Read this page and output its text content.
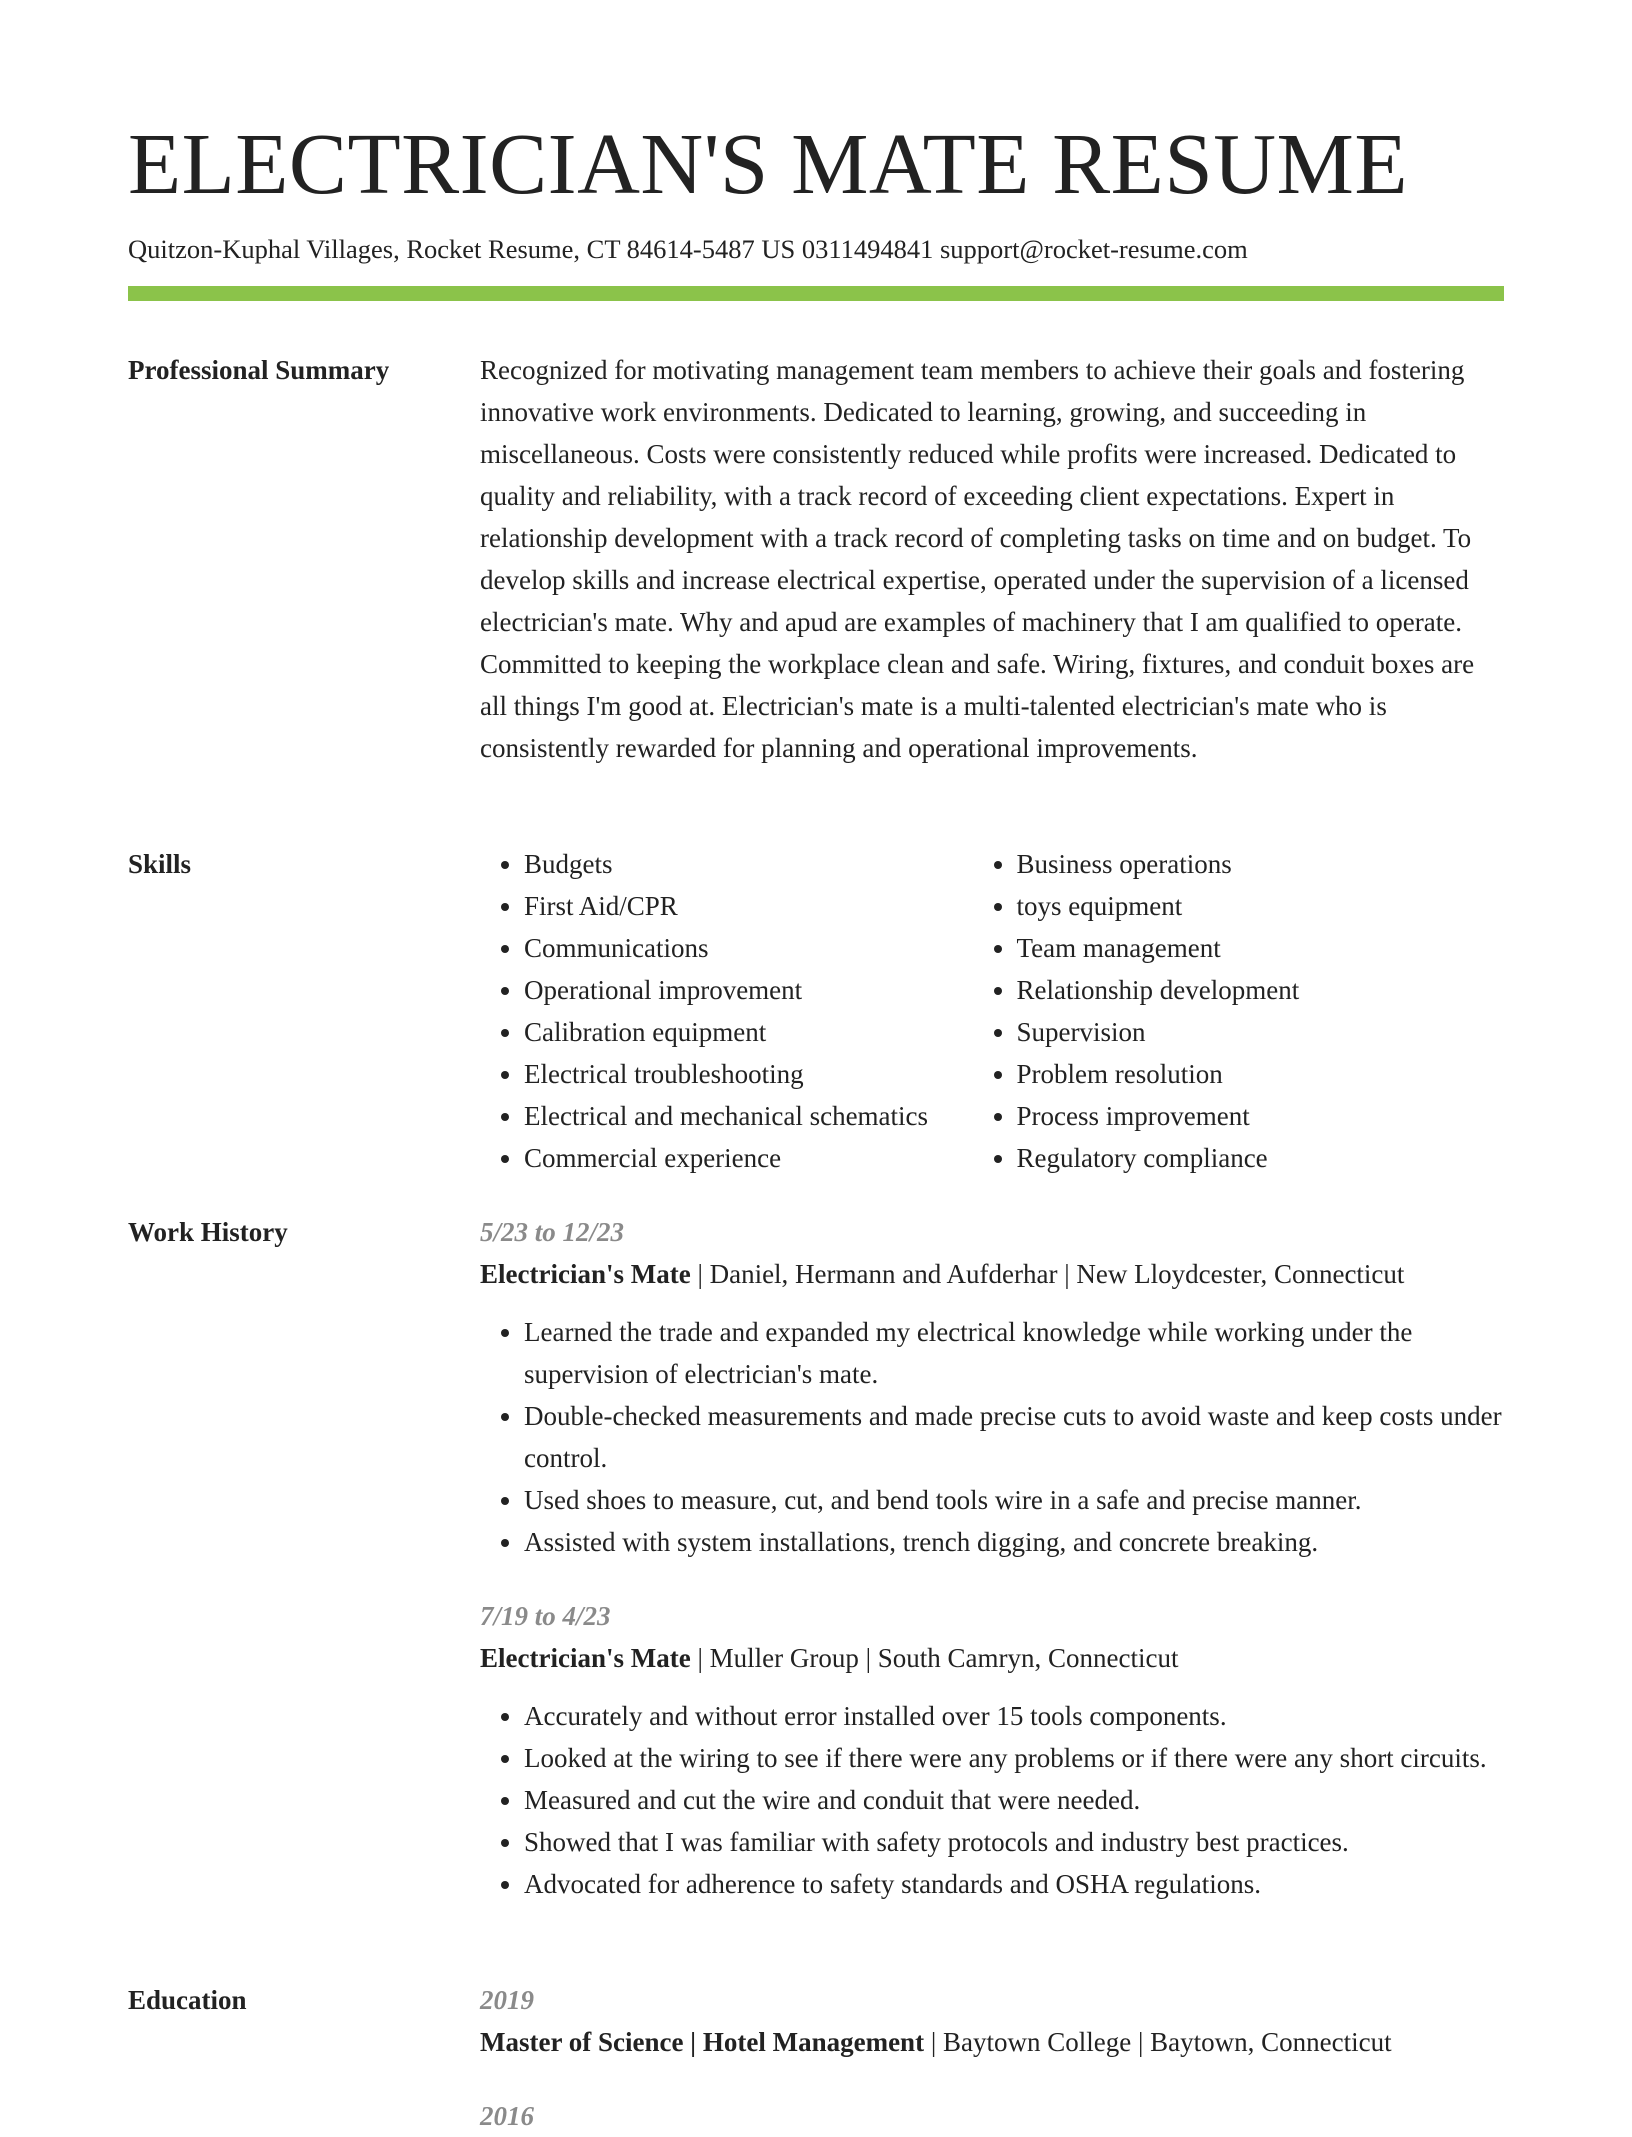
ELECTRICIAN'S MATE RESUME
Quitzon-Kuphal Villages, Rocket Resume, CT 84614-5487 US 0311494841 support@rocket-resume.com
Professional Summary	Recognized for motivating management team members to achieve their goals and fostering innovative work environments. Dedicated to learning, growing, and succeeding in miscellaneous. Costs were consistently reduced while profits were increased. Dedicated to quality and reliability, with a track record of exceeding client expectations. Expert in relationship development with a track record of completing tasks on time and on budget. To develop skills and increase electrical expertise, operated under the supervision of a licensed electrician's mate. Why and apud are examples of machinery that I am qualified to operate. Committed to keeping the workplace clean and safe. Wiring, fixtures, and conduit boxes are all things I'm good at. Electrician's mate is a multi-talented electrician's mate who is consistently rewarded for planning and operational improvements.

Skills
•	Budgets
• First Aid/CPR
• Communications
• Operational improvement
• Calibration equipment
• Electrical troubleshooting
• Electrical and mechanical schematics
• Commercial experience
• Business operations
• toys equipment
• Team management
• Relationship development
• Supervision
• Problem resolution
• Process improvement
• Regulatory compliance
Work History	5/23 to 12/23
Electrician's Mate | Daniel, Hermann and Aufderhar | New Lloydcester, Connecticut
• Learned the trade and expanded my electrical knowledge while working under the supervision of electrician's mate.
• Double-checked measurements and made precise cuts to avoid waste and keep costs under control.
• Used shoes to measure, cut, and bend tools wire in a safe and precise manner.
• Assisted with system installations, trench digging, and concrete breaking.
7/19 to 4/23
Electrician's Mate | Muller Group | South Camryn, Connecticut
• Accurately and without error installed over 15 tools components.
• Looked at the wiring to see if there were any problems or if there were any short circuits.
• Measured and cut the wire and conduit that were needed.
• Showed that I was familiar with safety protocols and industry best practices.
• Advocated for adherence to safety standards and OSHA regulations.
Education	2019
Master of Science | Hotel Management | Baytown College | Baytown, Connecticut
2016
